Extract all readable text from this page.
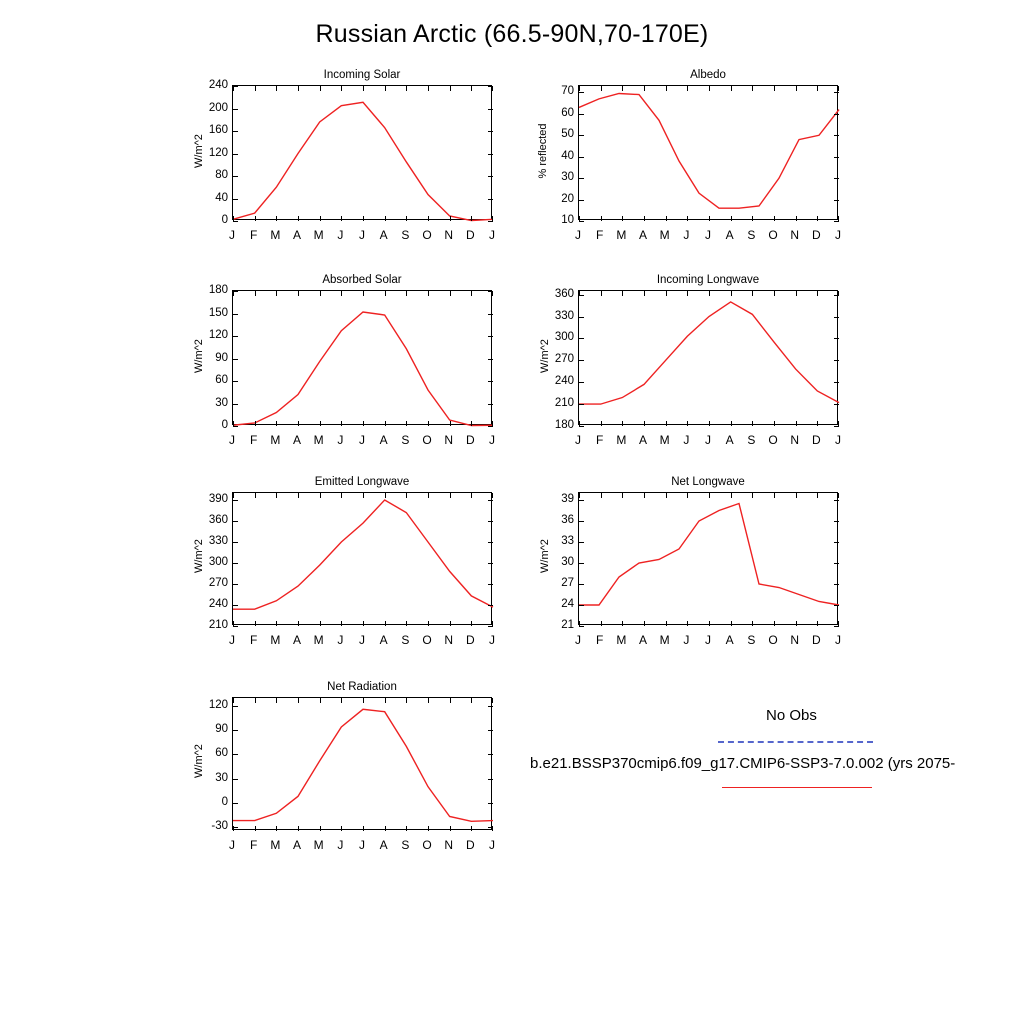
Russian Arctic (66.5-90N,70-170E)
Incoming Solar
W/m^2
0
40
80
120
160
200
240
J F M A M J J A S O N D J
Albedo
% reflected
10
20
30
40
50
60
70
J F M A M J J A S O N D J
Absorbed Solar
W/m^2
0
30
60
90
120
150
180
J F M A M J J A S O N D J
Incoming Longwave
W/m^2
180
210
240
270
300
330
360
J F M A M J J A S O N D J
Emitted Longwave
W/m^2
210
240
270
300
330
360
390
J F M A M J J A S O N D J
Net Longwave
W/m^2
21
24
27
30
33
36
39
J F M A M J J A S O N D J
Net Radiation
W/m^2
-30
0
30
60
90
120
J F M A M J J A S O N D J
No Obs
b.e21.BSSP370cmip6.f09_g17.CMIP6-SSP3-7.0.002 (yrs 2075-
